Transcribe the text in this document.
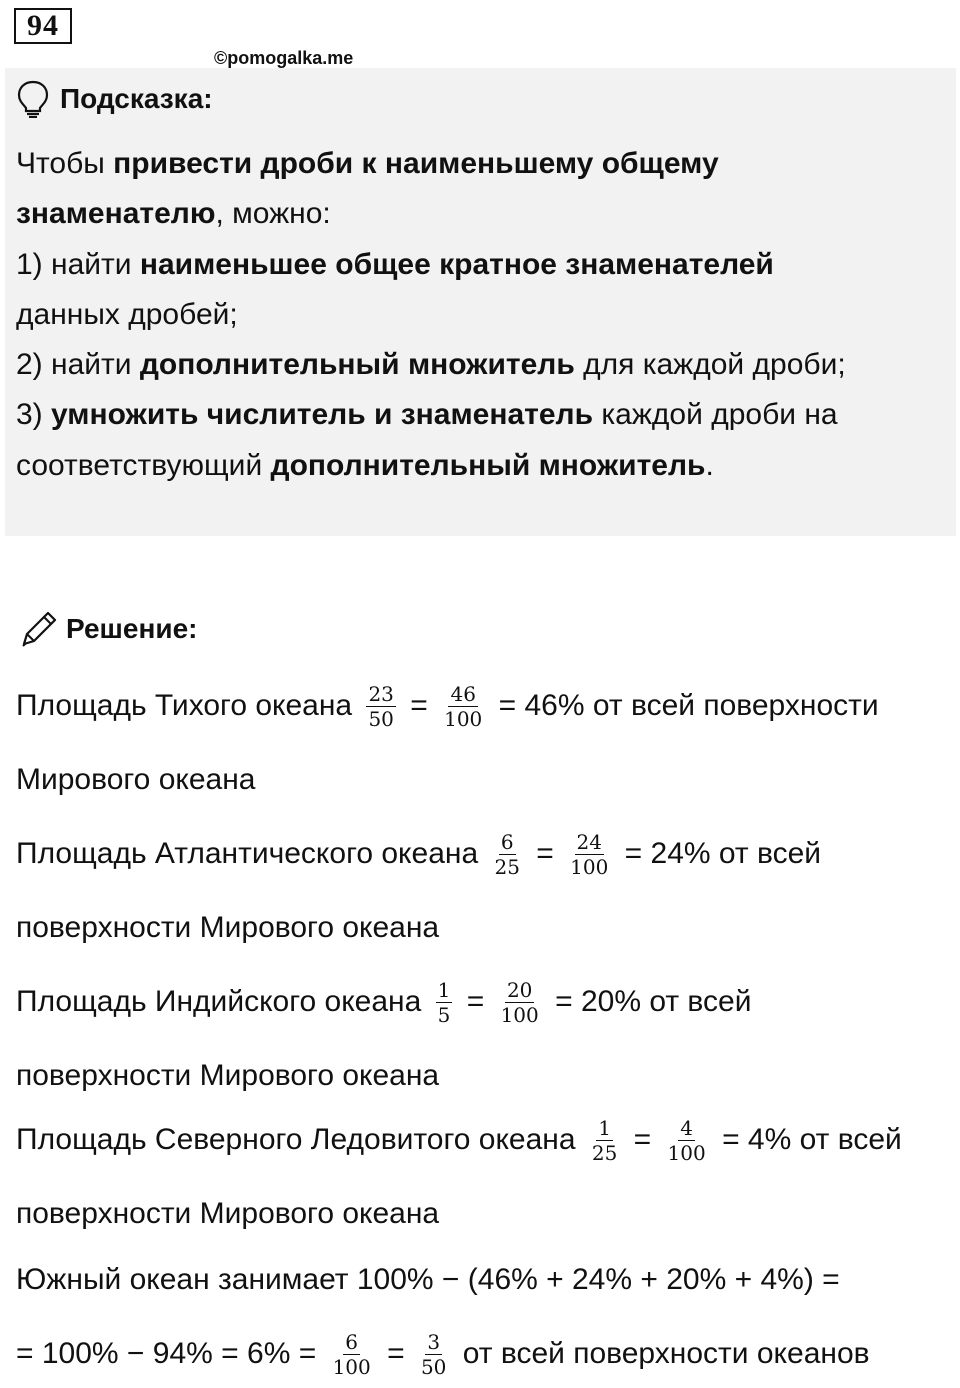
94
©pomogalka.me
Подсказка:

Чтобы привести дроби к наименьшему общему

знаменателю, можно:

1) найти наименьшее общее кратное знаменателей

данных дробей;

2) найти дополнительный множитель для каждой дроби;

3) умножить числитель и знаменатель каждой дроби на

соответствующий дополнительный множитель.

Решение:
Площадь Тихого океана $\frac{23}{50} = \frac{46}{100} = 46\%$ от всей поверхности
Мирового океана
Площадь Атлантического океана $\frac{6}{25} = \frac{24}{100} = 24\%$ от всей
поверхности Мирового океана
Площадь Индийского океана $\frac{1}{5} = \frac{20}{100} = 20\%$ от всей
поверхности Мирового океана
Площадь Северного Ледовитого океана $\frac{1}{25} = \frac{4}{100} = 4\%$ от всей
поверхности Мирового океана
Южный океан занимает 100% − (46% + 24% + 20% + 4%) =
= $100\% - 94\% = 6\% = \frac{6}{100} = \frac{3}{50}$ от всей поверхности океанов
